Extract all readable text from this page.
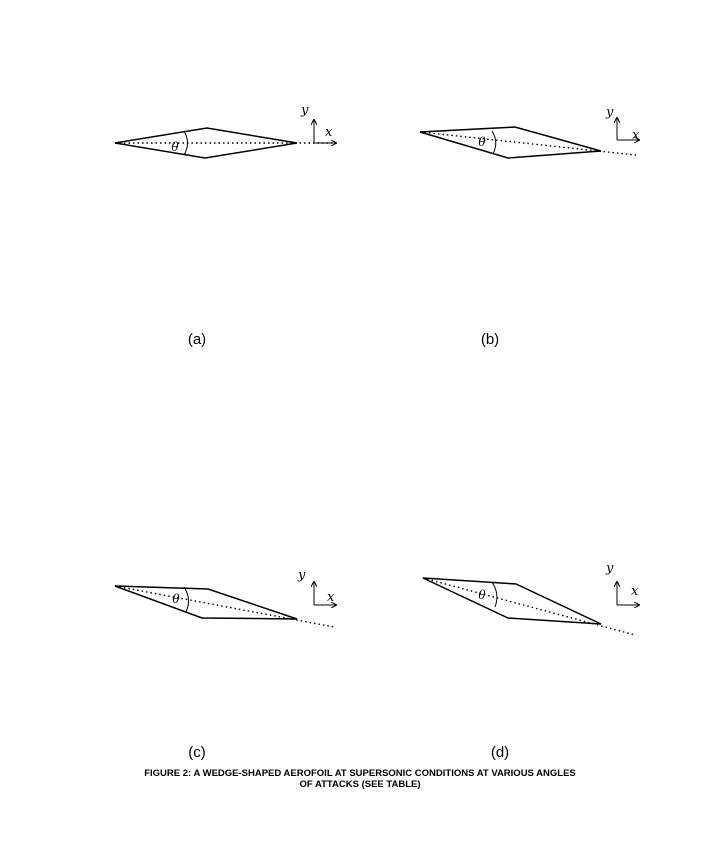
θ
y
x
θ
y
x
θ
y
x	θ
y
x
(a)	(b)
(c)	(d)
FIGURE 2: A WEDGE-SHAPED AEROFOIL AT SUPERSONIC CONDITIONS AT VARIOUS ANGLES
OF ATTACKS (SEE TABLE)
